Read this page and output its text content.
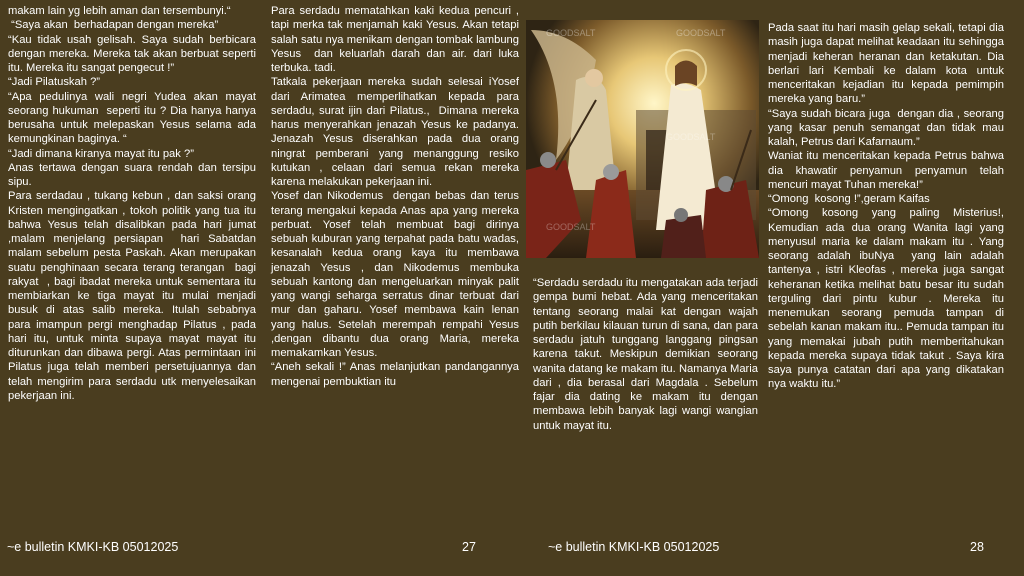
makam lain yg lebih aman dan tersembunyi.“

“Saya akan  berhadapan dengan mereka”

“Kau tidak usah gelisah. Saya sudah berbicara dengan mereka. Mereka tak akan berbuat seperti itu. Mereka itu sangat pengecut !”

“Jadi Pilatuskah ?”

“Apa pedulinya wali negri Yudea akan mayat seorang hukuman  seperti itu ? Dia hanya hanya berusaha untuk melepaskan Yesus selama ada kemungkinan baginya. “

“Jadi dimana kiranya mayat itu pak ?”

Anas tertawa dengan suara rendah dan tersipu sipu.

Para serdadau , tukang kebun , dan saksi orang Kristen mengingatkan , tokoh politik yang tua itu bahwa Yesus telah disalibkan pada hari jumat ,malam menjelang persiapan  hari Sabatdan malam sebelum pesta Paskah. Akan merupakan suatu penghinaan secara terang terangan  bagi rakyat  , bagi ibadat mereka untuk sementara itu membiarkan ke tiga mayat itu mulai menjadi busuk di atas salib mereka. Itulah sebabnya   para imampun pergi menghadap Pilatus , pada hari itu, untuk minta supaya mayat mayat itu diturunkan dan dibawa pergi. Atas permintaan ini Pilatus juga telah memberi persetujuannya dan telah mengirim para serdadu utk menyelesaikan pekerjaan ini.

Para serdadu mematahkan kaki kedua pencuri , tapi merka tak menjamah kaki Yesus. Akan tetapi salah satu nya menikam dengan tombak lambung Yesus  dan keluarlah darah dan air. dari luka terbuka. tadi.

Tatkala pekerjaan mereka sudah selesai iYosef dari Arimatea memperlihatkan kepada para serdadu, surat ijin dari Pilatus.,  Dimana mereka harus menyerahkan jenazah Yesus ke padanya. Jenazah Yesus diserahkan pada dua orang ningrat pemberani yang menanggung resiko kutukan , celaan dari semua rekan mereka karena melakukan pekerjaan ini.

Yosef dan Nikodemus  dengan bebas dan terus terang mengakui kepada Anas apa yang mereka perbuat. Yosef telah membuat bagi dirinya sebuah kuburan yang terpahat pada batu wadas, kesanalah kedua orang kaya itu membawa jenazah Yesus , dan Nikodemus membuka sebuah kantong dan mengeluarkan minyak palit yang wangi seharga serratus dinar terbuat dari mur dan gaharu. Yosef membawa kain lenan yang halus. Setelah merempah rempahi Yesus ,dengan dibantu dua orang Maria, mereka memakamkan Yesus.

“Aneh sekali !” Anas melanjutkan pandangannya mengenai pembuktian itu

GOODSALT	GOODSALT
GOODSALT
GOODSALT

“Serdadu serdadu itu mengatakan ada terjadi gempa bumi hebat. Ada yang menceritakan tentang seorang malai kat dengan wajah putih berkilau kilauan turun di sana, dan para serdadu jatuh tunggang langgang pingsan karena takut. Meskipun demikian seorang wanita datang ke makam itu. Namanya Maria dari , dia berasal dari Magdala . Sebelum fajar dia dating ke makam itu dengan membawa lebih banyak lagi wangi wangian untuk mayat itu.

Pada saat itu hari masih gelap sekali, tetapi dia masih juga dapat melihat keadaan itu sehingga menjadi keheran heranan dan ketakutan. Dia berlari lari Kembali ke dalam kota untuk menceritakan kejadian itu kepada pemimpin mereka yang baru.”

“Saya sudah bicara juga  dengan dia , seorang yang kasar penuh semangat dan tidak mau kalah, Petrus dari Kafarnaum.”

Waniat itu menceritakan kepada Petrus bahwa dia khawatir penyamun penyamun telah mencuri mayat Tuhan mereka!”

“Omong  kosong !”,geram Kaifas

“Omong kosong yang paling Misterius!, Kemudian ada dua orang Wanita lagi yang menyusul maria ke dalam makam itu . Yang seorang adalah ibuNya  yang lain adalah tantenya , istri Kleofas , mereka juga sangat keheranan ketika melihat batu besar itu sudah terguling dari pintu kubur . Mereka itu menemukan seorang pemuda tampan di sebelah kanan makam itu.. Pemuda tampan itu yang memakai jubah putih memberitahukan kepada mereka supaya tidak takut . Saya kira saya punya catatan dari apa yang dikatakan nya waktu itu.”

~e bulletin KMKI-KB 05012025	27	~e bulletin KMKI-KB 05012025	28
